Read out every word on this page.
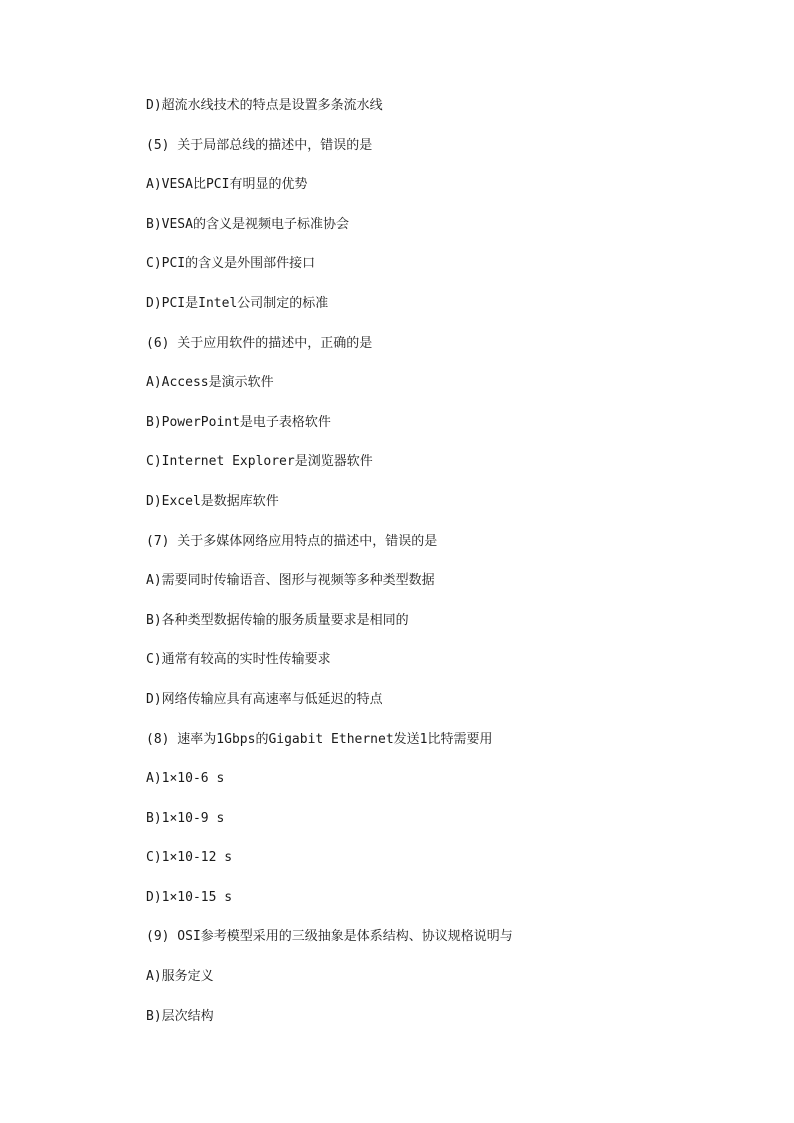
D)超流水线技术的特点是设置多条流水线
(5) 关于局部总线的描述中，错误的是
A)VESA比PCI有明显的优势
B)VESA的含义是视频电子标准协会
C)PCI的含义是外围部件接口
D)PCI是Intel公司制定的标准
(6) 关于应用软件的描述中，正确的是
A)Access是演示软件
B)PowerPoint是电子表格软件
C)Internet Explorer是浏览器软件
D)Excel是数据库软件
(7) 关于多媒体网络应用特点的描述中，错误的是
A)需要同时传输语音、图形与视频等多种类型数据
B)各种类型数据传输的服务质量要求是相同的
C)通常有较高的实时性传输要求
D)网络传输应具有高速率与低延迟的特点
(8) 速率为1Gbps的Gigabit Ethernet发送1比特需要用
A)1×10-6 s
B)1×10-9 s
C)1×10-12 s
D)1×10-15 s
(9) OSI参考模型采用的三级抽象是体系结构、协议规格说明与
A)服务定义
B)层次结构
